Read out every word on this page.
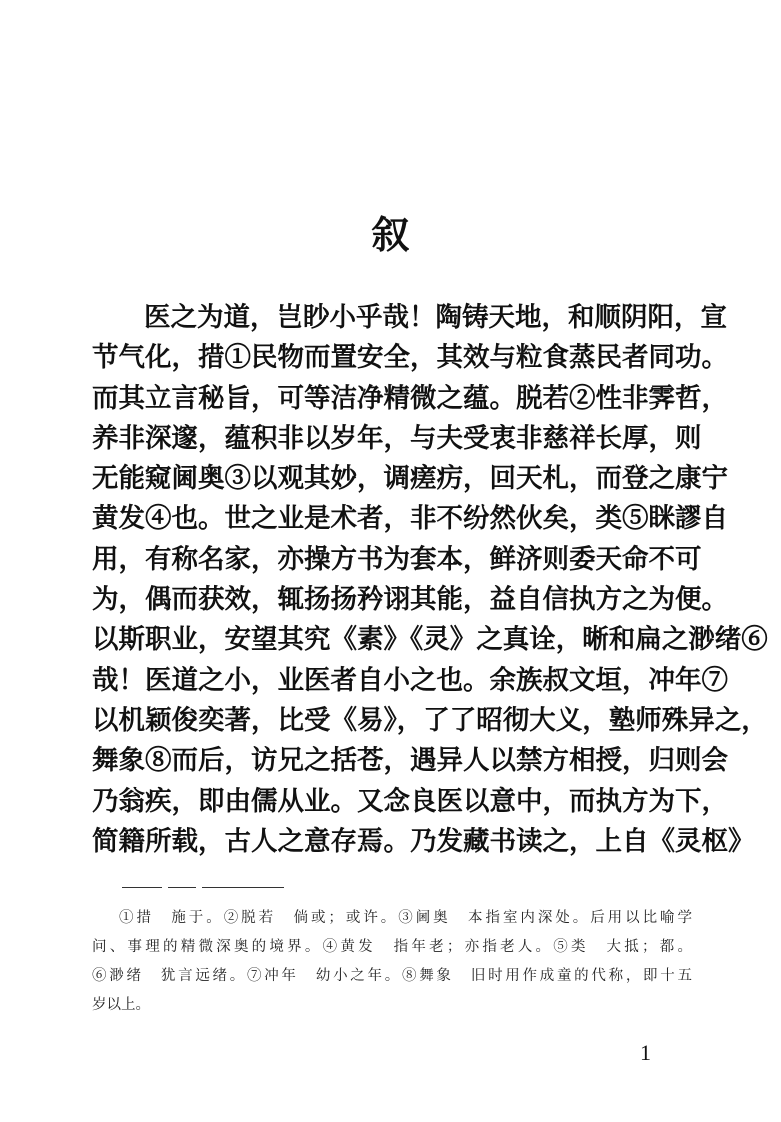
叙
医之为道，岂眇小乎哉！陶铸天地，和顺阴阳，宣
节气化，措①民物而置安全，其效与粒食蒸民者同功。
而其立言秘旨，可等洁净精微之蕴。脱若②性非霁哲，
养非深邃，蕴积非以岁年，与夫受衷非慈祥长厚，则
无能窥阃奥③以观其妙，调瘥疠，回天札，而登之康宁
黄发④也。世之业是术者，非不纷然伙矣，类⑤眯謬自
用，有称名家，亦操方书为套本，鲜济则委天命不可
为，偶而获效，辄扬扬矜诩其能，益自信执方之为便。
以斯职业，安望其究《素》《灵》之真诠，晰和扁之渺绪⑥
哉！医道之小，业医者自小之也。余族叔文垣，冲年⑦
以机颖俊奕著，比受《易》，了了昭彻大义，塾师殊异之，
舞象⑧而后，访兄之括苍，遇异人以禁方相授，归则会
乃翁疾，即由儒从业。又念良医以意中，而执方为下，
简籍所载，古人之意存焉。乃发藏书读之，上自《灵枢》
①措　施于。②脱若　倘或；或许。③阃奥　本指室内深处。后用以比喻学
问、事理的精微深奥的境界。④黄发　指年老；亦指老人。⑤类　大抵；都。
⑥渺绪　犹言远绪。⑦冲年　幼小之年。⑧舞象　旧时用作成童的代称，即十五
岁以上。
1
